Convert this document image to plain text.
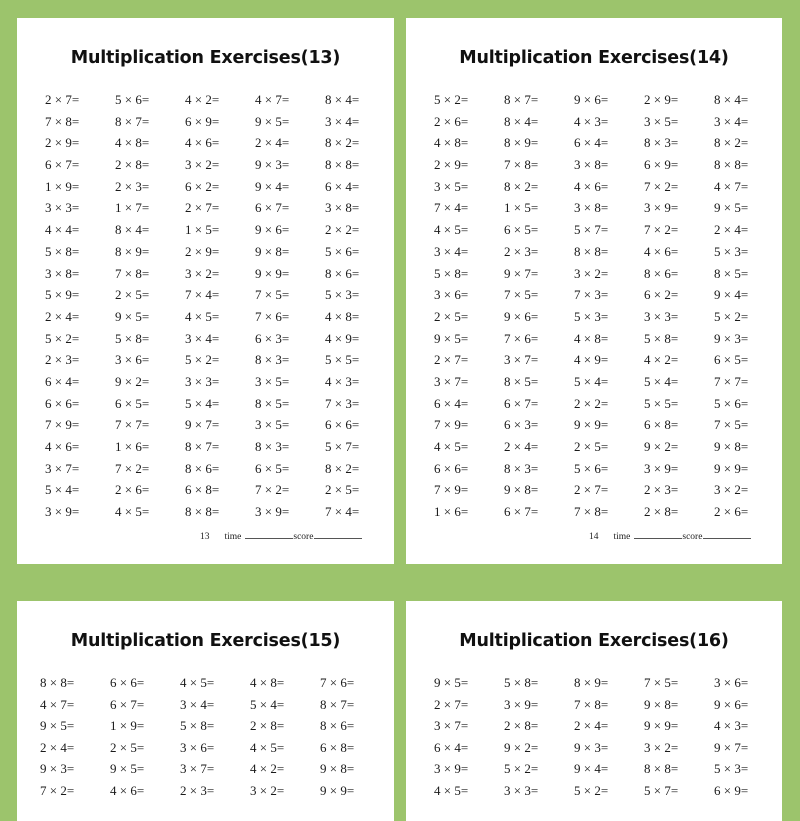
Multiplication Exercises(13)
2 × 7=	5 × 6=	4 × 2=	4 × 7=	8 × 4=
7 × 8=	8 × 7=	6 × 9=	9 × 5=	3 × 4=
2 × 9=	4 × 8=	4 × 6=	2 × 4=	8 × 2=
6 × 7=	2 × 8=	3 × 2=	9 × 3=	8 × 8=
1 × 9=	2 × 3=	6 × 2=	9 × 4=	6 × 4=
3 × 3=	1 × 7=	2 × 7=	6 × 7=	3 × 8=
4 × 4=	8 × 4=	1 × 5=	9 × 6=	2 × 2=
5 × 8=	8 × 9=	2 × 9=	9 × 8=	5 × 6=
3 × 8=	7 × 8=	3 × 2=	9 × 9=	8 × 6=
5 × 9=	2 × 5=	7 × 4=	7 × 5=	5 × 3=
2 × 4=	9 × 5=	4 × 5=	7 × 6=	4 × 8=
5 × 2=	5 × 8=	3 × 4=	6 × 3=	4 × 9=
2 × 3=	3 × 6=	5 × 2=	8 × 3=	5 × 5=
6 × 4=	9 × 2=	3 × 3=	3 × 5=	4 × 3=
6 × 6=	6 × 5=	5 × 4=	8 × 5=	7 × 3=
7 × 9=	7 × 7=	9 × 7=	3 × 5=	6 × 6=
4 × 6=	1 × 6=	8 × 7=	8 × 3=	5 × 7=
3 × 7=	7 × 2=	8 × 6=	6 × 5=	8 × 2=
5 × 4=	2 × 6=	6 × 8=	7 × 2=	2 × 5=
3 × 9=	4 × 5=	8 × 8=	3 × 9=	7 × 4=
13 time	score
Multiplication Exercises(14)
5 × 2=	8 × 7=	9 × 6=	2 × 9=	8 × 4=
2 × 6=	8 × 4=	4 × 3=	3 × 5=	3 × 4=
4 × 8=	8 × 9=	6 × 4=	8 × 3=	8 × 2=
2 × 9=	7 × 8=	3 × 8=	6 × 9=	8 × 8=
3 × 5=	8 × 2=	4 × 6=	7 × 2=	4 × 7=
7 × 4=	1 × 5=	3 × 8=	3 × 9=	9 × 5=
4 × 5=	6 × 5=	5 × 7=	7 × 2=	2 × 4=
3 × 4=	2 × 3=	8 × 8=	4 × 6=	5 × 3=
5 × 8=	9 × 7=	3 × 2=	8 × 6=	8 × 5=
3 × 6=	7 × 5=	7 × 3=	6 × 2=	9 × 4=
2 × 5=	9 × 6=	5 × 3=	3 × 3=	5 × 2=
9 × 5=	7 × 6=	4 × 8=	5 × 8=	9 × 3=
2 × 7=	3 × 7=	4 × 9=	4 × 2=	6 × 5=
3 × 7=	8 × 5=	5 × 4=	5 × 4=	7 × 7=
6 × 4=	6 × 7=	2 × 2=	5 × 5=	5 × 6=
7 × 9=	6 × 3=	9 × 9=	6 × 8=	7 × 5=
4 × 5=	2 × 4=	2 × 5=	9 × 2=	9 × 8=
6 × 6=	8 × 3=	5 × 6=	3 × 9=	9 × 9=
7 × 9=	9 × 8=	2 × 7=	2 × 3=	3 × 2=
1 × 6=	6 × 7=	7 × 8=	2 × 8=	2 × 6=
14 time	score
Multiplication Exercises(15)
8 × 8=	6 × 6=	4 × 5=	4 × 8=	7 × 6=
4 × 7=	6 × 7=	3 × 4=	5 × 4=	8 × 7=
9 × 5=	1 × 9=	5 × 8=	2 × 8=	8 × 6=
2 × 4=	2 × 5=	3 × 6=	4 × 5=	6 × 8=
9 × 3=	9 × 5=	3 × 7=	4 × 2=	9 × 8=
7 × 2=	4 × 6=	2 × 3=	3 × 2=	9 × 9=
Multiplication Exercises(16)
9 × 5=	5 × 8=	8 × 9=	7 × 5=	3 × 6=
2 × 7=	3 × 9=	7 × 8=	9 × 8=	9 × 6=
3 × 7=	2 × 8=	2 × 4=	9 × 9=	4 × 3=
6 × 4=	9 × 2=	9 × 3=	3 × 2=	9 × 7=
3 × 9=	5 × 2=	9 × 4=	8 × 8=	5 × 3=
4 × 5=	3 × 3=	5 × 2=	5 × 7=	6 × 9=
